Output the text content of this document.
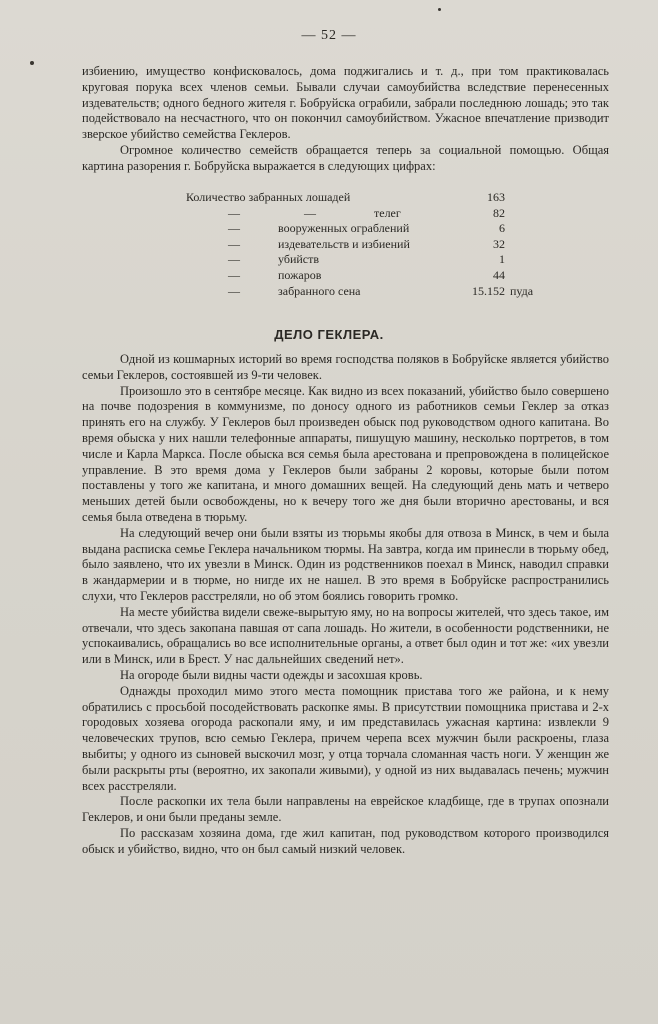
— 52 —

избиению, имущество конфисковалось, дома поджигались и т. д., при том практиковалась круговая порука всех членов семьи. Бывали случаи самоубийства вследствие перенесенных издевательств; одного бедного жителя г. Бобруйска ограбили, забрали последнюю лошадь; это так подействовало на несчастного, что он покончил самоубийством. Ужасное впечатление призводит зверское убийство семейства Геклеров.

Огромное количество семейств обращается теперь за социальной помощью. Общая картина разорения г. Бобруйска выражается в следующих цифрах:

Количество забранных лошадей	163
—	—	телег	82
—	вооруженных ограблений	6
—	издевательств и избиений	32
—	убийств	1
—	пожаров	44
—	забранного сена	15.152 пуда
ДЕЛО ГЕКЛЕРА.

Одной из кошмарных историй во время господства поляков в Бобруйске является убийство семьи Геклеров, состоявшей из 9-ти человек.

Произошло это в сентябре месяце. Как видно из всех показаний, убийство было совершено на почве подозрения в коммунизме, по доносу одного из работников семьи Геклер за отказ принять его на службу. У Геклеров был произведен обыск под руководством одного капитана. Во время обыска у них нашли телефонные аппараты, пишущую машину, несколько портретов, в том числе и Карла Маркса. После обыска вся семья была арестована и препровождена в полицейское управление. В это время дома у Геклеров были забраны 2 коровы, которые были потом поставлены у того же капитана, и много домашних вещей. На следующий день мать и четверо меньших детей были освобождены, но к вечеру того же дня были вторично арестованы, и вся семья была отведена в тюрьму.

На следующий вечер они были взяты из тюрьмы якобы для отвоза в Минск, в чем и была выдана расписка семье Геклера начальником тюрмы. На завтра, когда им принесли в тюрьму обед, было заявлено, что их увезли в Минск. Один из родственников поехал в Минск, наводил справки в жандармерии и в тюрме, но нигде их не нашел. В это время в Бобруйске распространились слухи, что Геклеров расстреляли, но об этом боялись говорить громко.

На месте убийства видели свеже-вырытую яму, но на вопросы жителей, что здесь такое, им отвечали, что здесь закопана павшая от сапа лошадь. Но жители, в особенности родственники, не успокаивались, обращались во все исполнительные органы, а ответ был один и тот же: «их увезли или в Минск, или в Брест. У нас дальнейших сведений нет».

На огороде были видны части одежды и засохшая кровь.

Однажды проходил мимо этого места помощник пристава того же района, и к нему обратились с просьбой посодействовать раскопке ямы. В присутствии помощника пристава и 2-х городовых хозяева огорода раскопали яму, и им представилась ужасная картина: извлекли 9 человеческих трупов, всю семью Геклера, причем черепа всех мужчин были раскроены, глаза выбиты; у одного из сыновей выскочил мозг, у отца торчала сломанная часть ноги. У женщин же были раскрыты рты (вероятно, их закопали живыми), у одной из них выдавалась печень; мужчин всех расстреляли.

После раскопки их тела были направлены на еврейское кладбище, где в трупах опознали Геклеров, и они были преданы земле.

По рассказам хозяина дома, где жил капитан, под руководством которого производился обыск и убийство, видно, что он был самый низкий человек.
